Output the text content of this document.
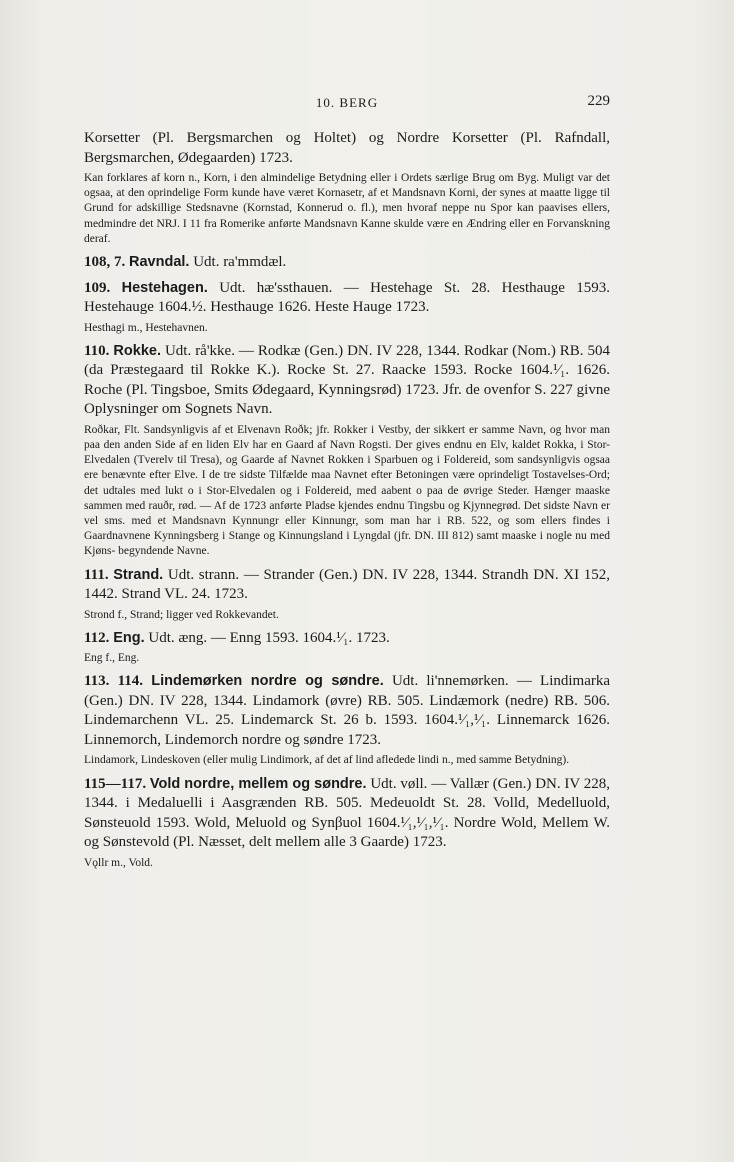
10. BERG	229

Korsetter (Pl. Bergsmarchen og Holtet) og Nordre Korsetter (Pl. Rafndall, Bergsmarchen, Ødegaarden) 1723.

Kan forklares af korn n., Korn, i den almindelige Betydning eller i Ordets særlige Brug om Byg. Muligt var det ogsaa, at den oprindelige Form kunde have været Kornasetr, af et Mandsnavn Korni, der synes at maatte ligge til Grund for adskillige Stedsnavne (Kornstad, Konnerud o. fl.), men hvoraf neppe nu Spor kan paavises ellers, medmindre det NRJ. I 11 fra Romerike anførte Mandsnavn Kanne skulde være en Ændring eller en Forvanskning deraf.

108, 7. Ravndal. Udt. ra'mmdæl.

109. Hestehagen. Udt. hæ'ssthauen. — Hestehage St. 28. Hesthauge 1593. Hestehauge 1604.½. Hesthauge 1626. Heste Hauge 1723.

Hesthagi m., Hestehavnen.

110. Rokke. Udt. rå'kke. — Rodkæ (Gen.) DN. IV 228, 1344. Rodkar (Nom.) RB. 504 (da Præstegaard til Rokke K.). Rocke St. 27. Raacke 1593. Rocke 1604.¹⁄₁. 1626. Roche (Pl. Tingsboe, Smits Ødegaard, Kynningsrød) 1723. Jfr. de ovenfor S. 227 givne Oplysninger om Sognets Navn.

Roðkar, Flt. Sandsynligvis af et Elvenavn Roðk; jfr. Rokker i Vestby, der sikkert er samme Navn, og hvor man paa den anden Side af en liden Elv har en Gaard af Navn Rogsti. Der gives endnu en Elv, kaldet Rokka, i Stor-Elvedalen (Tverelv til Tresa), og Gaarde af Navnet Rokken i Sparbuen og i Foldereid, som sandsynligvis ogsaa ere benævnte efter Elve. I de tre sidste Tilfælde maa Navnet efter Betoningen være oprindeligt Tostavelses-Ord; det udtales med lukt o i Stor-Elvedalen og i Foldereid, med aabent o paa de øvrige Steder. Hænger maaske sammen med rauðr, rød. — Af de 1723 anførte Pladse kjendes endnu Tingsbu og Kjynnegrød. Det sidste Navn er vel sms. med et Mandsnavn Kynnungr eller Kinnungr, som man har i RB. 522, og som ellers findes i Gaardnavnene Kynningsberg i Stange og Kinnungsland i Lyngdal (jfr. DN. III 812) samt maaske i nogle nu med Kjøns- begyndende Navne.

111. Strand. Udt. strann. — Strander (Gen.) DN. IV 228, 1344. Strandh DN. XI 152, 1442. Strand VL. 24. 1723.

Strond f., Strand; ligger ved Rokkevandet.

112. Eng. Udt. æng. — Enng 1593. 1604.¹⁄₁. 1723.

Eng f., Eng.

113. 114. Lindemørken nordre og søndre. Udt. li'nnemørken. — Lindimarka (Gen.) DN. IV 228, 1344. Lindamork (øvre) RB. 505. Lindæmork (nedre) RB. 506. Lindemarchenn VL. 25. Lindemarck St. 26 b. 1593. 1604.¹⁄₁,¹⁄₁. Linnemarck 1626. Linnemorch, Lindemorch nordre og søndre 1723.

Lindamork, Lindeskoven (eller mulig Lindimork, af det af lind afledede lindi n., med samme Betydning).

115—117. Vold nordre, mellem og søndre. Udt. vøll. — Vallær (Gen.) DN. IV 228, 1344. i Medaluelli i Aasgrænden RB. 505. Medeuoldt St. 28. Volld, Medelluold, Sønsteuold 1593. Wold, Meluold og Synβuol 1604.¹⁄₁,¹⁄₁,¹⁄₁. Nordre Wold, Mellem W. og Sønstevold (Pl. Næsset, delt mellem alle 3 Gaarde) 1723.

Vǫllr m., Vold.
